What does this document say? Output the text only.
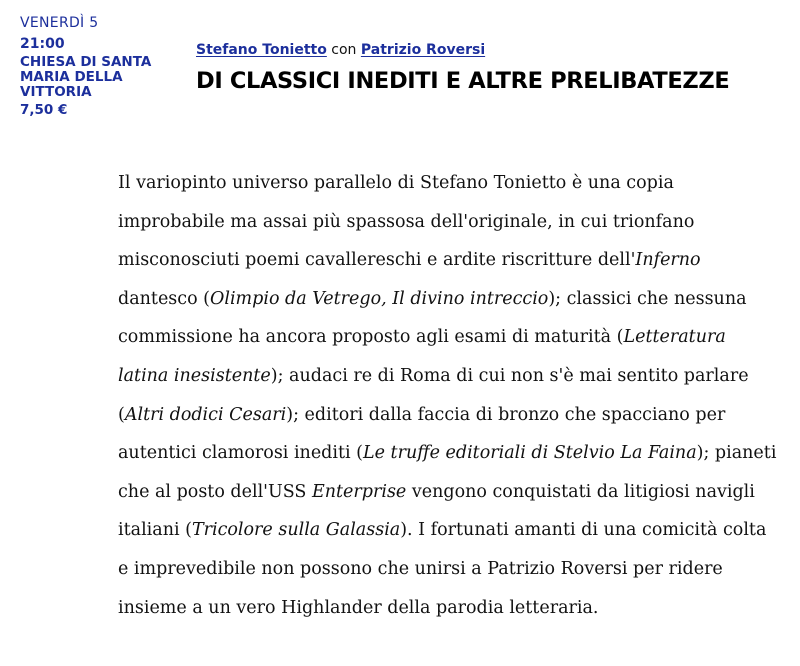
VENERDÌ 5
21:00
CHIESA DI SANTA MARIA DELLA VITTORIA
7,50 €
Stefano Tonietto con Patrizio Roversi
DI CLASSICI INEDITI E ALTRE PRELIBATEZZE

Il variopinto universo parallelo di Stefano Tonietto è una copia improbabile ma assai più spassosa dell'originale, in cui trionfano misconosciuti poemi cavallereschi e ardite riscritture dell'Inferno dantesco (Olimpio da Vetrego, Il divino intreccio); classici che nessuna commissione ha ancora proposto agli esami di maturità (Letteratura latina inesistente); audaci re di Roma di cui non s'è mai sentito parlare (Altri dodici Cesari); editori dalla faccia di bronzo che spacciano per autentici clamorosi inediti (Le truffe editoriali di Stelvio La Faina); pianeti che al posto dell'USS Enterprise vengono conquistati da litigiosi navigli italiani (Tricolore sulla Galassia). I fortunati amanti di una comicità colta e imprevedibile non possono che unirsi a Patrizio Roversi per ridere insieme a un vero Highlander della parodia letteraria.
